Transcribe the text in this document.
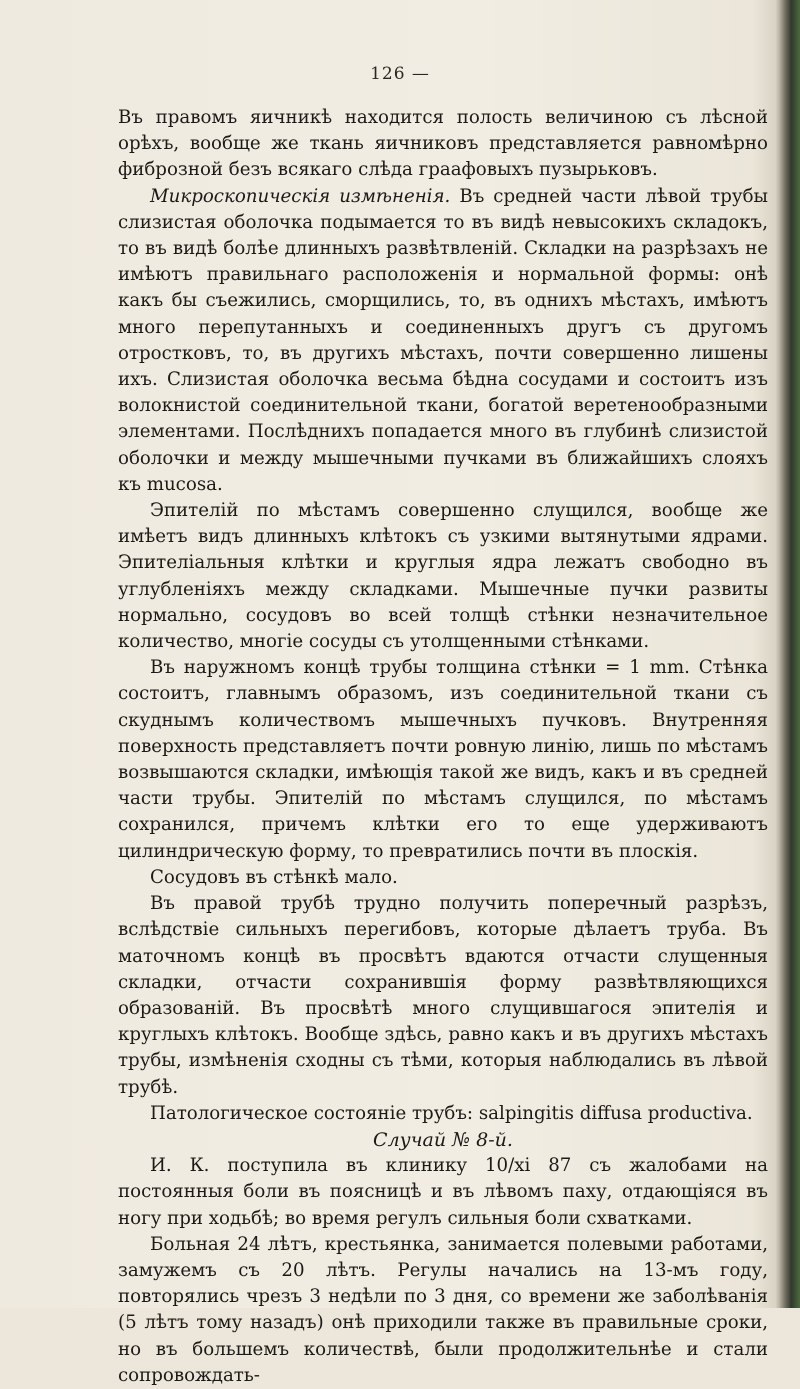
126 —

Въ правомъ яичникѣ находится полость величиною съ лѣсной орѣхъ, вообще же ткань яичниковъ представляется равномѣрно фиброзной безъ всякаго слѣда граафовыхъ пузырьковъ.

Микроскопическія измѣненія. Въ средней части лѣвой трубы слизистая оболочка подымается то въ видѣ невысокихъ складокъ, то въ видѣ болѣе длинныхъ развѣтвленій. Складки на разрѣзахъ не имѣютъ правильнаго расположенія и нормальной формы: онѣ какъ бы съежились, сморщились, то, въ однихъ мѣстахъ, имѣютъ много перепутанныхъ и соединенныхъ другъ съ другомъ отростковъ, то, въ другихъ мѣстахъ, почти совершенно лишены ихъ. Слизистая оболочка весьма бѣдна сосудами и состоитъ изъ волокнистой соединительной ткани, богатой веретенообразными элементами. Послѣднихъ попадается много въ глубинѣ слизистой оболочки и между мышечными пучками въ ближайшихъ слояхъ къ mucosa.

Эпителій по мѣстамъ совершенно слущился, вообще же имѣетъ видъ длинныхъ клѣтокъ съ узкими вытянутыми ядрами. Эпителіальныя клѣтки и круглыя ядра лежатъ свободно въ углубленіяхъ между складками. Мышечные пучки развиты нормально, сосудовъ во всей толщѣ стѣнки незначительное количество, многіе сосуды съ утолщенными стѣнками.

Въ наружномъ концѣ трубы толщина стѣнки = 1 mm. Стѣнка состоитъ, главнымъ образомъ, изъ соединительной ткани съ скуднымъ количествомъ мышечныхъ пучковъ. Внутренняя поверхность представляетъ почти ровную линію, лишь по мѣстамъ возвышаются складки, имѣющія такой же видъ, какъ и въ средней части трубы. Эпителій по мѣстамъ слущился, по мѣстамъ сохранился, причемъ клѣтки его то еще удерживаютъ цилиндрическую форму, то превратились почти въ плоскія.

Сосудовъ въ стѣнкѣ мало.

Въ правой трубѣ трудно получить поперечный разрѣзъ, вслѣдствіе сильныхъ перегибовъ, которые дѣлаетъ труба. Въ маточномъ концѣ въ просвѣтъ вдаются отчасти слущенныя складки, отчасти сохранившія форму развѣтвляющихся образованій. Въ просвѣтѣ много слущившагося эпителія и круглыхъ клѣтокъ. Вообще здѣсь, равно какъ и въ другихъ мѣстахъ трубы, измѣненія сходны съ тѣми, которыя наблюдались въ лѣвой трубѣ.

Патологическое состояніе трубъ: salpingitis diffusa productiva.

Случай № 8-й.

И. К. поступила въ клинику 10/xi 87 съ жалобами на постоянныя боли въ поясницѣ и въ лѣвомъ паху, отдающіяся въ ногу при ходьбѣ; во время регулъ сильныя боли схватками.

Больная 24 лѣтъ, крестьянка, занимается полевыми работами, замужемъ съ 20 лѣтъ. Регулы начались на 13-мъ году, повторялись чрезъ 3 недѣли по 3 дня, со времени же заболѣванія (5 лѣтъ тому назадъ) онѣ приходили также въ правильные сроки, но въ большемъ количествѣ, были продолжительнѣе и стали сопровождать-
